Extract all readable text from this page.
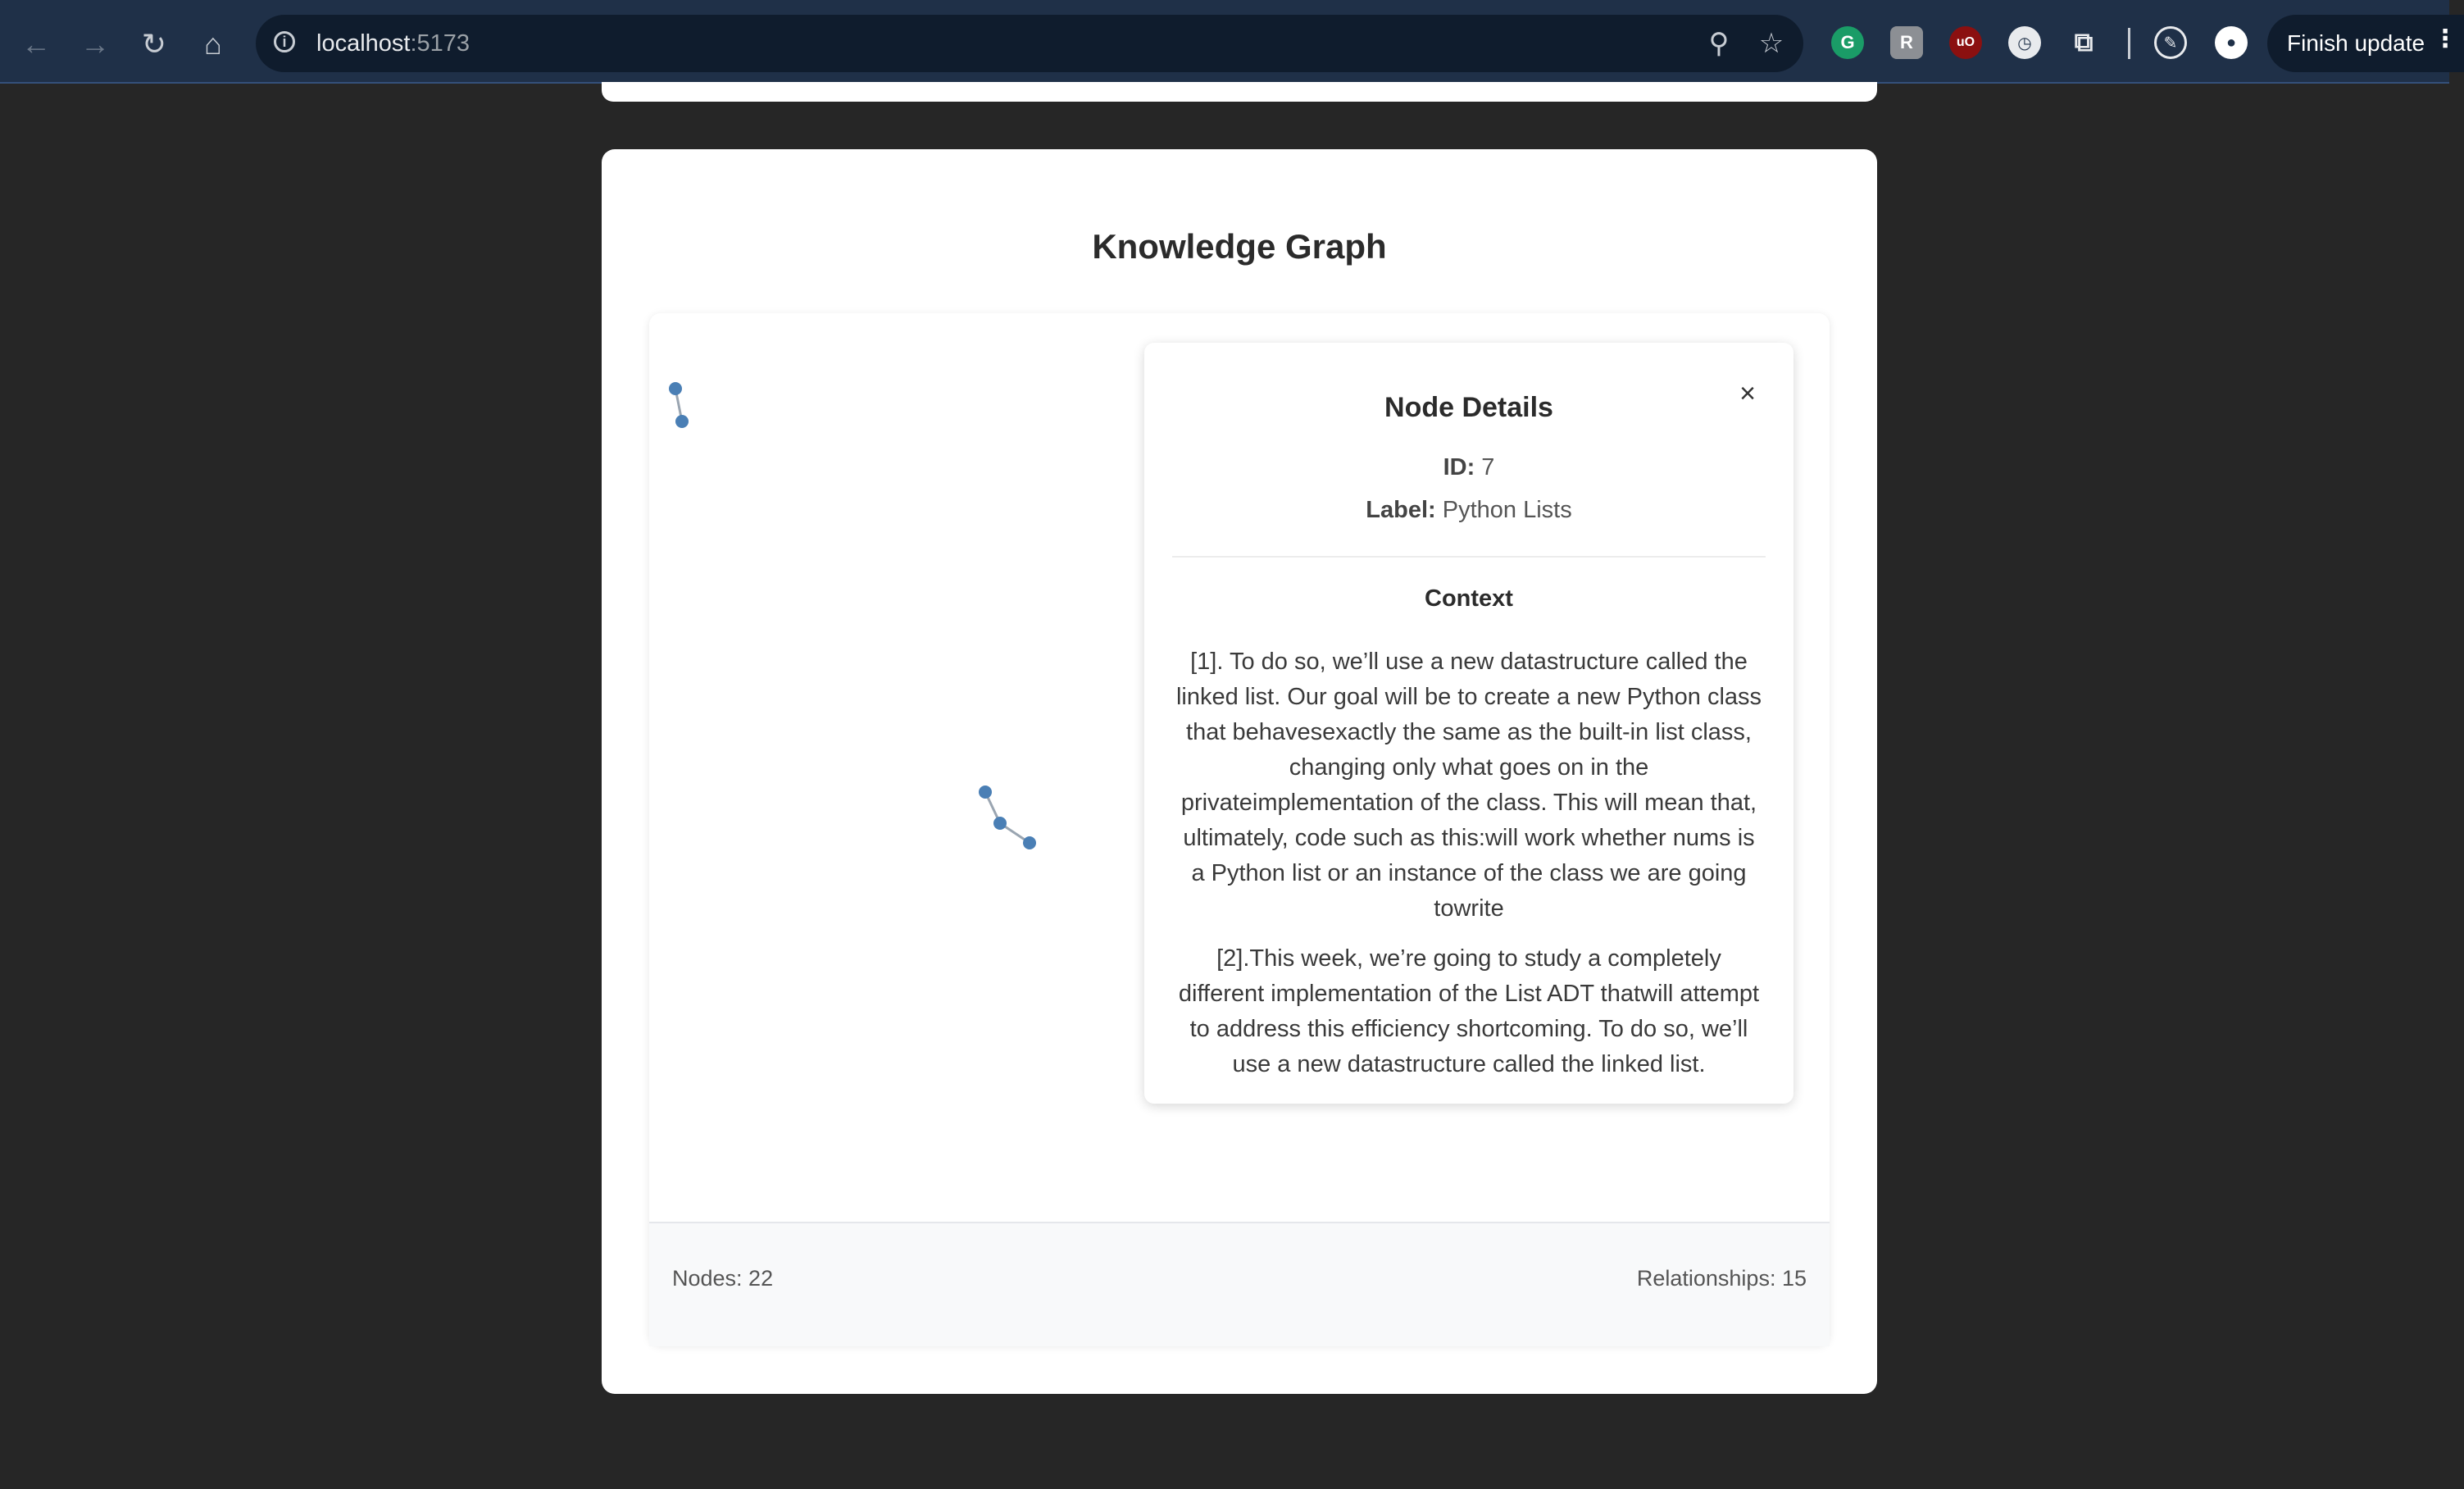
← →	↻	⌂	i	localhost:5173	⚲	☆	G	R	uO	◷	⧉	✎	●	Finish update ⋮
Knowledge Graph
Node Details	×
ID: 7
Label: Python Lists
Context

[1]. To do so, we’ll use a new datastructure called the linked list. Our goal will be to create a new Python class that behavesexactly the same as the built-in list class, changing only what goes on in the privateimplementation of the class. This will mean that, ultimately, code such as this:will work whether nums is a Python list or an instance of the class we are going towrite

[2].This week, we’re going to study a completely different implementation of the List ADT thatwill attempt to address this efficiency shortcoming. To do so, we’ll use a new datastructure called the linked list.

Nodes: 22	Relationships: 15
